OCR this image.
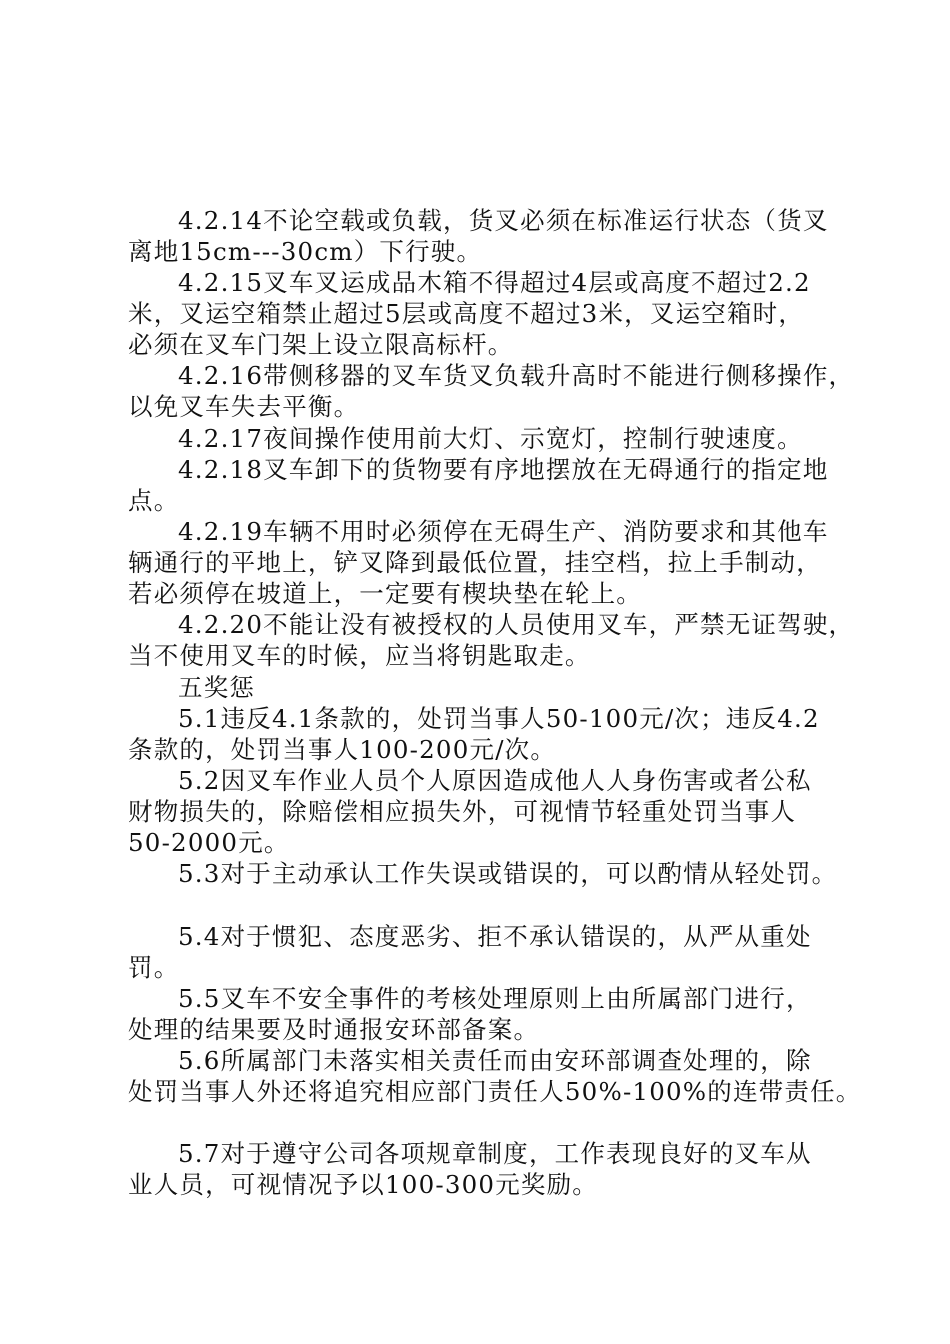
4.2.14不论空载或负载，货叉必须在标准运行状态（货叉
离地15cm---30cm）下行驶。
4.2.15叉车叉运成品木箱不得超过4层或高度不超过2.2
米，叉运空箱禁止超过5层或高度不超过3米，叉运空箱时，
必须在叉车门架上设立限高标杆。
4.2.16带侧移器的叉车货叉负载升高时不能进行侧移操作，
以免叉车失去平衡。
4.2.17夜间操作使用前大灯、示宽灯，控制行驶速度。
4.2.18叉车卸下的货物要有序地摆放在无碍通行的指定地
点。
4.2.19车辆不用时必须停在无碍生产、消防要求和其他车
辆通行的平地上，铲叉降到最低位置，挂空档，拉上手制动，
若必须停在坡道上，一定要有楔块垫在轮上。
4.2.20不能让没有被授权的人员使用叉车，严禁无证驾驶，
当不使用叉车的时候，应当将钥匙取走。
五奖惩
5.1违反4.1条款的，处罚当事人50-100元/次；违反4.2
条款的，处罚当事人100-200元/次。
5.2因叉车作业人员个人原因造成他人人身伤害或者公私
财物损失的，除赔偿相应损失外，可视情节轻重处罚当事人
50-2000元。
5.3对于主动承认工作失误或错误的，可以酌情从轻处罚。
5.4对于惯犯、态度恶劣、拒不承认错误的，从严从重处
罚。
5.5叉车不安全事件的考核处理原则上由所属部门进行，
处理的结果要及时通报安环部备案。
5.6所属部门未落实相关责任而由安环部调查处理的，除
处罚当事人外还将追究相应部门责任人50%-100%的连带责任。
5.7对于遵守公司各项规章制度，工作表现良好的叉车从
业人员，可视情况予以100-300元奖励。
